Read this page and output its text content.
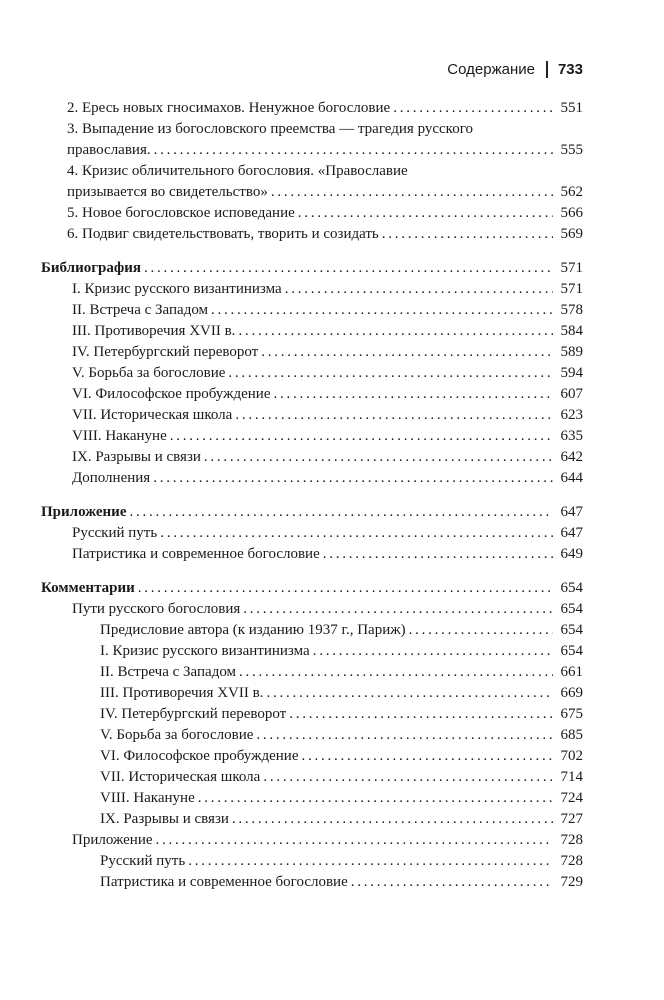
Содержание 733
2. Ересь новых гносимахов. Ненужное богословие . . .	551
3. Выпадение из богословского преемства — трагедия русского
православия. . . .	555
4. Кризис обличительного богословия. «Православие
призывается во свидетельство» . . .	562
5. Новое богословское исповедание . . .	566
6. Подвиг свидетельствовать, творить и созидать . . .	569
Библиография . . .	571
I. Кризис русского византинизма . . .	571
II. Встреча с Западом . . .	578
III. Противоречия XVII в. . . .	584
IV. Петербургский переворот . . .	589
V. Борьба за богословие . . .	594
VI. Философское пробуждение . . .	607
VII. Историческая школа . . .	623
VIII. Накануне . . .	635
IX. Разрывы и связи . . .	642
Дополнения . . .	644
Приложение . . .	647
Русский путь . . .	647
Патристика и современное богословие . . .	649
Комментарии . . .	654
Пути русского богословия . . .	654
Предисловие автора (к изданию 1937 г., Париж) . . .	654
I. Кризис русского византинизма . . .	654
II. Встреча с Западом . . .	661
III. Противоречия XVII в. . . .	669
IV. Петербургский переворот . . .	675
V. Борьба за богословие . . .	685
VI. Философское пробуждение . . .	702
VII. Историческая школа . . .	714
VIII. Накануне . . .	724
IX. Разрывы и связи . . .	727
Приложение . . .	728
Русский путь . . .	728
Патристика и современное богословие . . .	729
